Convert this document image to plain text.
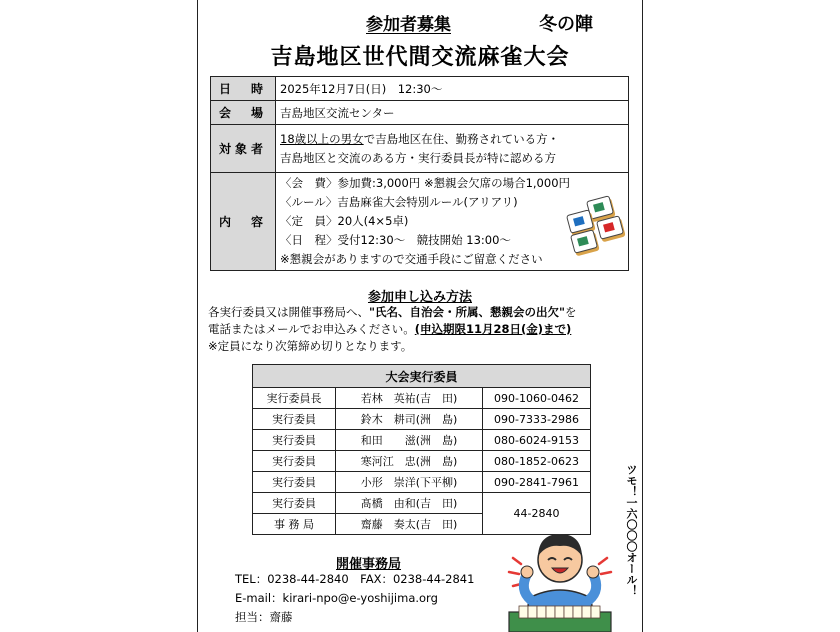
参加者募集	冬の陣
吉島地区世代間交流麻雀大会
日　時	2025年12月7日(日)　12:30～
会　場	吉島地区交流センター
対象者	18歳以上の男女で吉島地区在住、勤務されている方・
吉島地区と交流のある方・実行委員長が特に認める方

内　容	〈会　費〉参加費:3,000円 ※懇親会欠席の場合1,000円
〈ルール〉吉島麻雀大会特別ルール(アリアリ)
〈定　員〉20人(4×5卓)
〈日　程〉受付12:30～　競技開始 13:00～
※懇親会がありますので交通手段にご留意ください
参加申し込み方法
各実行委員又は開催事務局へ、"氏名、自治会・所属、懇親会の出欠"を
電話またはメールでお申込みください。(申込期限11月28日(金)まで)
※定員になり次第締め切りとなります。
大会実行委員		
実行委員長	若林　英祐(吉　田)	090-1060-0462
実行委員	鈴木　耕司(洲　島)	090-7333-2986
実行委員	和田　　滋(洲　島)	080-6024-9153
実行委員	寒河江　忠(洲　島)	080-1852-0623
実行委員	小形　崇洋(下平柳)	090-2841-7961
実行委員	髙橋　由和(吉　田)	44-2840
事 務 局	齋藤　奏太(吉　田)	
開催事務局
TEL：0238-44-2840　FAX：0238-44-2841
E-mail：kirari-npo@e-yoshijima.org
担当：齋藤
ツモ！一六〇〇〇オール！
